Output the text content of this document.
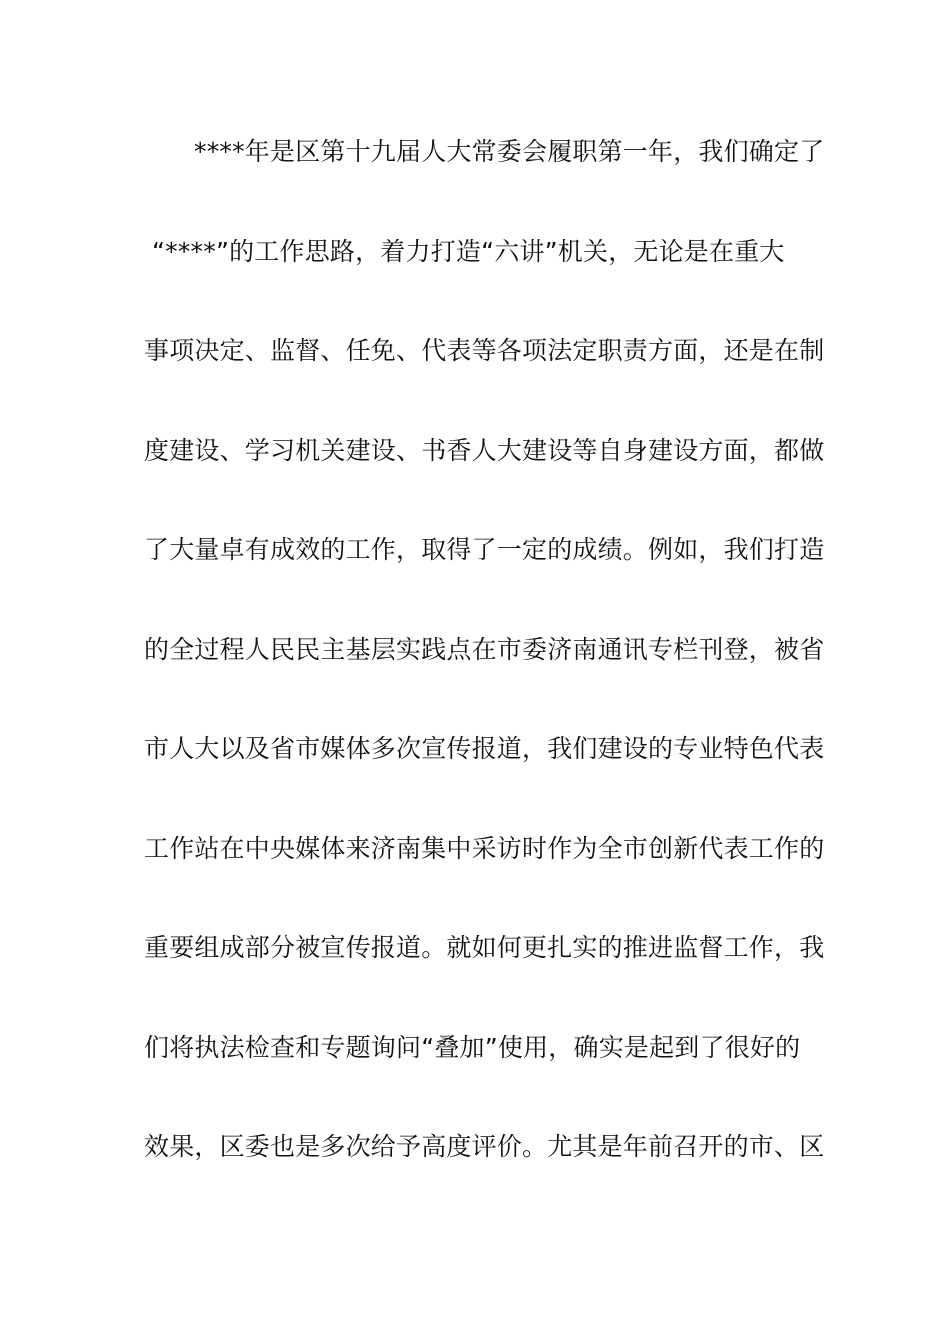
****年是区第十九届人大常委会履职第一年，我们确定了
“****”的工作思路，着力打造“六讲”机关，无论是在重大
事项决定、监督、任免、代表等各项法定职责方面，还是在制
度建设、学习机关建设、书香人大建设等自身建设方面，都做
了大量卓有成效的工作，取得了一定的成绩。例如，我们打造
的全过程人民民主基层实践点在市委济南通讯专栏刊登，被省
市人大以及省市媒体多次宣传报道，我们建设的专业特色代表
工作站在中央媒体来济南集中采访时作为全市创新代表工作的
重要组成部分被宣传报道。就如何更扎实的推进监督工作，我
们将执法检查和专题询问“叠加”使用，确实是起到了很好的
效果，区委也是多次给予高度评价。尤其是年前召开的市、区
